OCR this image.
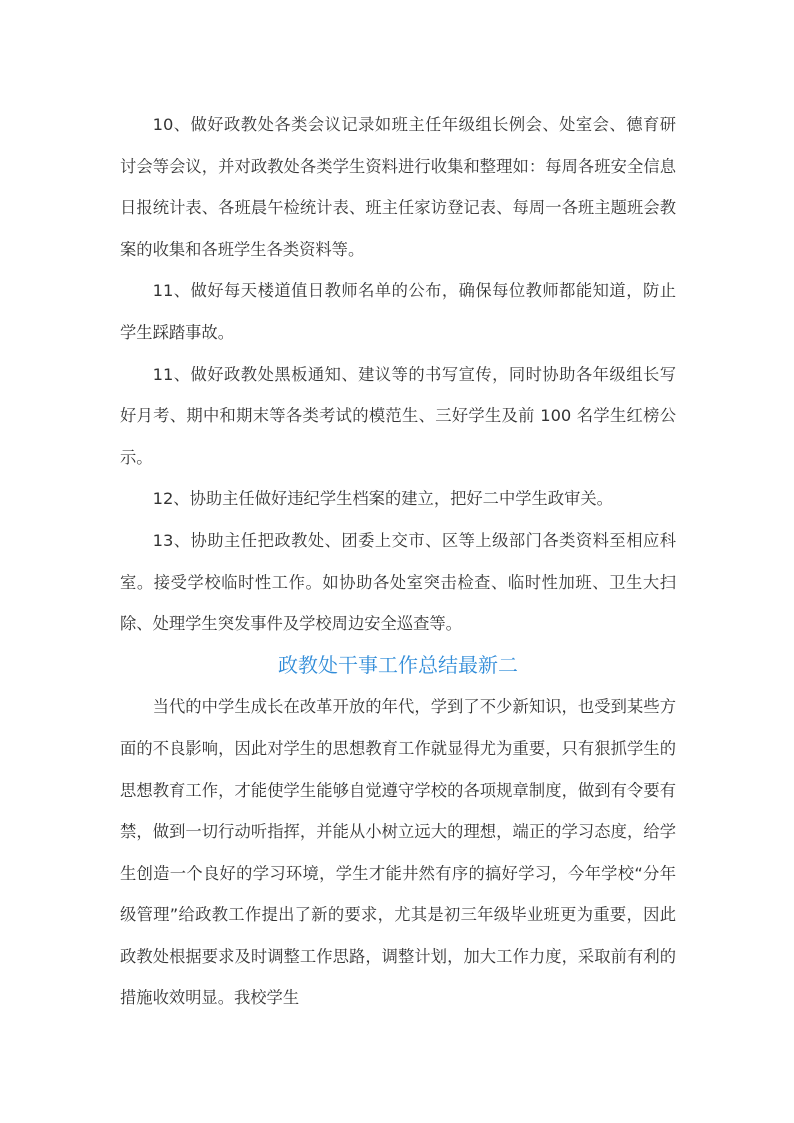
10、做好政教处各类会议记录如班主任年级组长例会、处室会、德育研讨会等会议，并对政教处各类学生资料进行收集和整理如：每周各班安全信息日报统计表、各班晨午检统计表、班主任家访登记表、每周一各班主题班会教案的收集和各班学生各类资料等。

11、做好每天楼道值日教师名单的公布，确保每位教师都能知道，防止学生踩踏事故。

11、做好政教处黑板通知、建议等的书写宣传，同时协助各年级组长写好月考、期中和期末等各类考试的模范生、三好学生及前 100 名学生红榜公示。

12、协助主任做好违纪学生档案的建立，把好二中学生政审关。

13、协助主任把政教处、团委上交市、区等上级部门各类资料至相应科室。接受学校临时性工作。如协助各处室突击检查、临时性加班、卫生大扫除、处理学生突发事件及学校周边安全巡查等。

政教处干事工作总结最新二

当代的中学生成长在改革开放的年代，学到了不少新知识，也受到某些方面的不良影响，因此对学生的思想教育工作就显得尤为重要，只有狠抓学生的思想教育工作，才能使学生能够自觉遵守学校的各项规章制度，做到有令要有禁，做到一切行动听指挥，并能从小树立远大的理想，端正的学习态度，给学生创造一个良好的学习环境，学生才能井然有序的搞好学习，今年学校“分年级管理”给政教工作提出了新的要求，尤其是初三年级毕业班更为重要，因此政教处根据要求及时调整工作思路，调整计划，加大工作力度，采取前有利的措施收效明显。我校学生
